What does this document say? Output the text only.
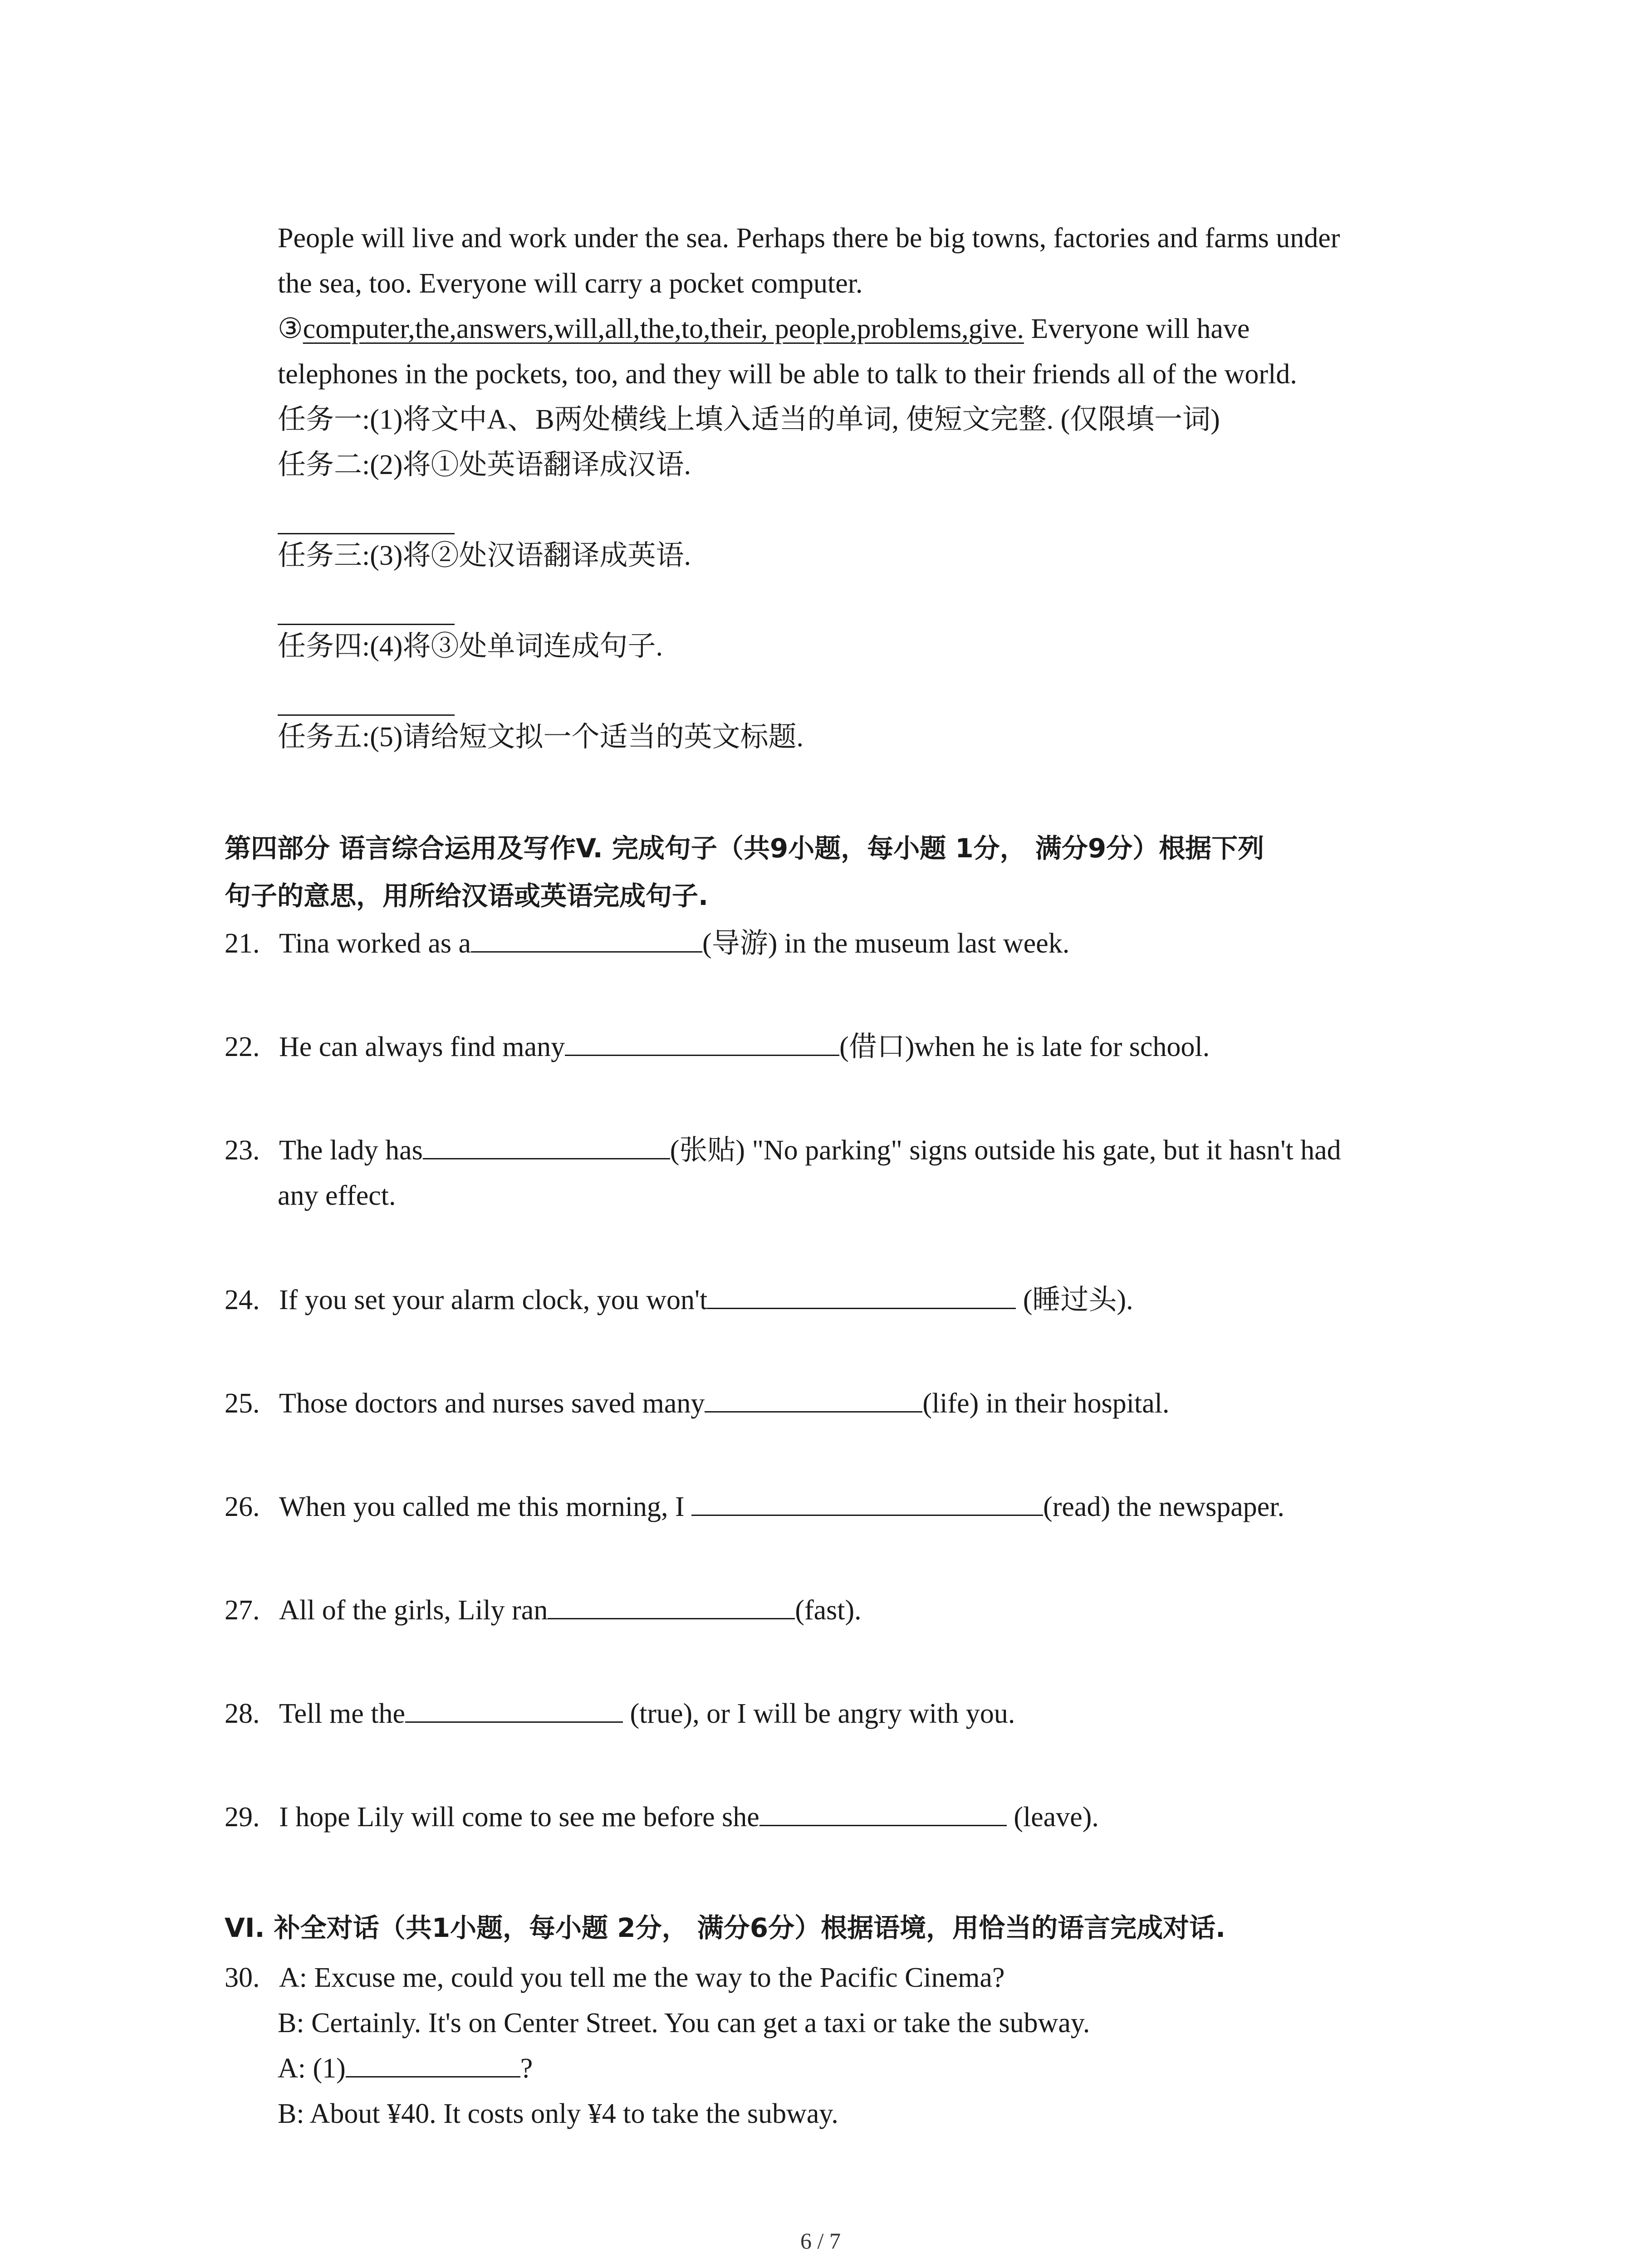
People will live and work under the sea. Perhaps there be big towns, factories and farms under
the sea, too. Everyone will carry a pocket computer.
③computer,the,answers,will,all,the,to,their, people,problems,give. Everyone will have
telephones in the pockets, too, and they will be able to talk to their friends all of the world.
任务一:(1)将文中A、B两处横线上填入适当的单词, 使短文完整. (仅限填一词)
任务二:(2)将①处英语翻译成汉语.
任务三:(3)将②处汉语翻译成英语.
任务四:(4)将③处单词连成句子.
任务五:(5)请给短文拟一个适当的英文标题.
第四部分 语言综合运用及写作V. 完成句子（共9小题，每小题 1分， 满分9分）根据下列
句子的意思，用所给汉语或英语完成句子.
21. Tina worked as a	(导游) in the museum last week.
22. He can always find many	(借口)when he is late for school.
23. The lady has	(张贴) "No parking" signs outside his gate, but it hasn't had
any effect.
24. If you set your alarm clock, you won't	(睡过头).
25. Those doctors and nurses saved many	(life) in their hospital.
26. When you called me this morning, I	(read) the newspaper.
27. All of the girls, Lily ran	(fast).
28. Tell me the	(true), or I will be angry with you.
29. I hope Lily will come to see me before she	(leave).
VI. 补全对话（共1小题，每小题 2分， 满分6分）根据语境，用恰当的语言完成对话.
30. A: Excuse me, could you tell me the way to the Pacific Cinema?
B: Certainly. It's on Center Street. You can get a taxi or take the subway.
A: (1)	?
B: About ¥40. It costs only ¥4 to take the subway.
6 / 7
